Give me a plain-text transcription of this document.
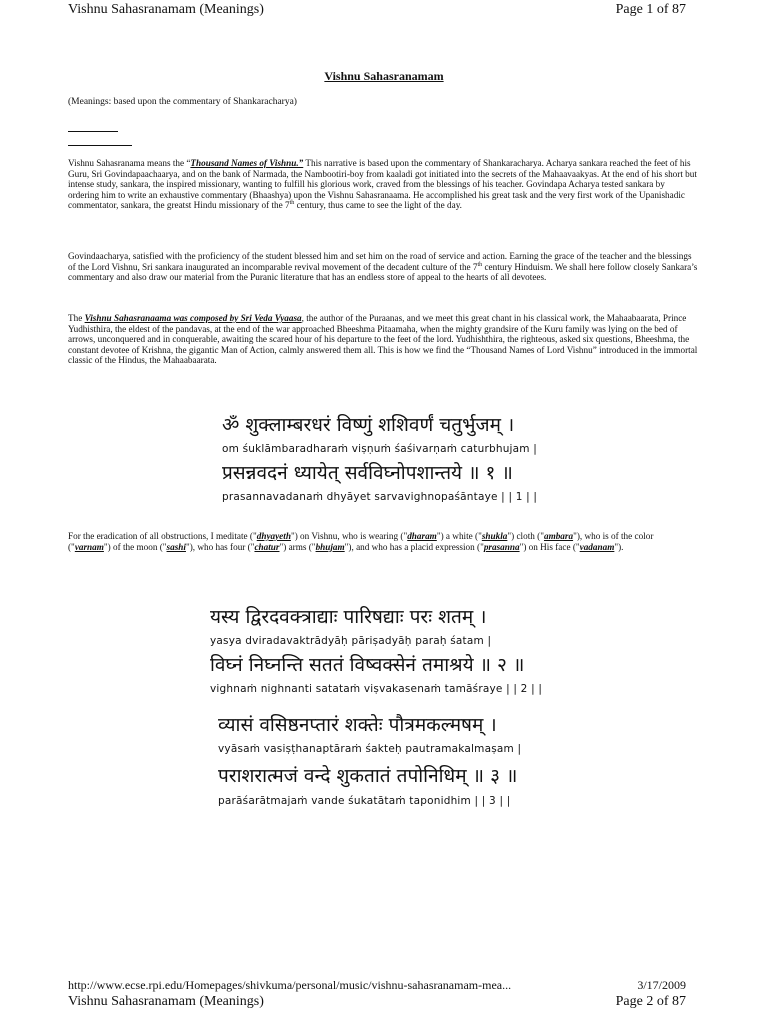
Vishnu Sahasranamam (Meanings)	Page 1 of 87
Vishnu Sahasranamam
(Meanings: based upon the commentary of Shankaracharya)

Vishnu Sahasranama means the “Thousand Names of Vishnu.” This narrative is based upon the commentary of Shankaracharya. Acharya sankara reached the feet of his Guru, Sri Govindapaachaarya, and on the bank of Narmada, the Nambootiri-boy from kaaladi got initiated into the secrets of the Mahaavaakyas. At the end of his short but intense study, sankara, the inspired missionary, wanting to fulfill his glorious work, craved from the blessings of his teacher. Govindapa Acharya tested sankara by ordering him to write an exhaustive commentary (Bhaashya) upon the Vishnu Sahasranaama. He accomplished his great task and the very first work of the Upanishadic commentator, sankara, the greatst Hindu missionary of the 7th century, thus came to see the light of the day.

Govindaacharya, satisfied with the proficiency of the student blessed him and set him on the road of service and action. Earning the grace of the teacher and the blessings of the Lord Vishnu, Sri sankara inaugurated an incomparable revival movement of the decadent culture of the 7th century Hinduism. We shall here follow closely Sankara’s commentary and also draw our material from the Puranic literature that has an endless store of appeal to the hearts of all devotees.

The Vishnu Sahasranaama was composed by Sri Veda Vyaasa, the author of the Puraanas, and we meet this great chant in his classical work, the Mahaabaarata, Prince Yudhisthira, the eldest of the pandavas, at the end of the war approached Bheeshma Pitaamaha, when the mighty grandsire of the Kuru family was lying on the bed of arrows, unconquered and in conquerable, awaiting the scared hour of his departure to the feet of the lord. Yudhishthira, the righteous, asked six questions, Bheeshma, the constant devotee of Krishna, the gigantic Man of Action, calmly answered them all. This is how we find the “Thousand Names of Lord Vishnu” introduced in the immortal classic of the Hindus, the Mahaabaarata.

ॐ शुक्लाम्बरधरं विष्णुं शशिवर्णं चतुर्भुजम् ।
om śuklāmbaradharaṁ viṣṇuṁ śaśivarṇaṁ caturbhujam |
प्रसन्नवदनं ध्यायेत् सर्वविघ्नोपशान्तये ॥ १ ॥
prasannavadanaṁ dhyāyet sarvavighnopaśāntaye | | 1 | |

For the eradication of all obstructions, I meditate ("dhyayeth") on Vishnu, who is wearing ("dharam") a white ("shukla") cloth ("ambara"), who is of the color ("varnam") of the moon ("sashi"), who has four ("chatur") arms ("bhujam"), and who has a placid expression ("prasanna") on His face ("vadanam").

यस्य द्विरदवक्त्राद्याः पारिषद्याः परः शतम् ।
yasya dviradavaktrādyāḥ pāriṣadyāḥ paraḥ śatam |
विघ्नं निघ्नन्ति सततं विष्वक्सेनं तमाश्रये ॥ २ ॥
vighnaṁ nighnanti satataṁ viṣvakasenaṁ tamāśraye | | 2 | |
व्यासं वसिष्ठनप्तारं शक्तेः पौत्रमकल्मषम् ।
vyāsaṁ vasiṣṭhanaptāraṁ śakteḥ pautramakalmaṣam |
पराशरात्मजं वन्दे शुकतातं तपोनिधिम् ॥ ३ ॥
parāśarātmajaṁ vande śukatātaṁ taponidhim | | 3 | |
http://www.ecse.rpi.edu/Homepages/shivkuma/personal/music/vishnu-sahasranamam-mea...	3/17/2009
Vishnu Sahasranamam (Meanings)	Page 2 of 87
